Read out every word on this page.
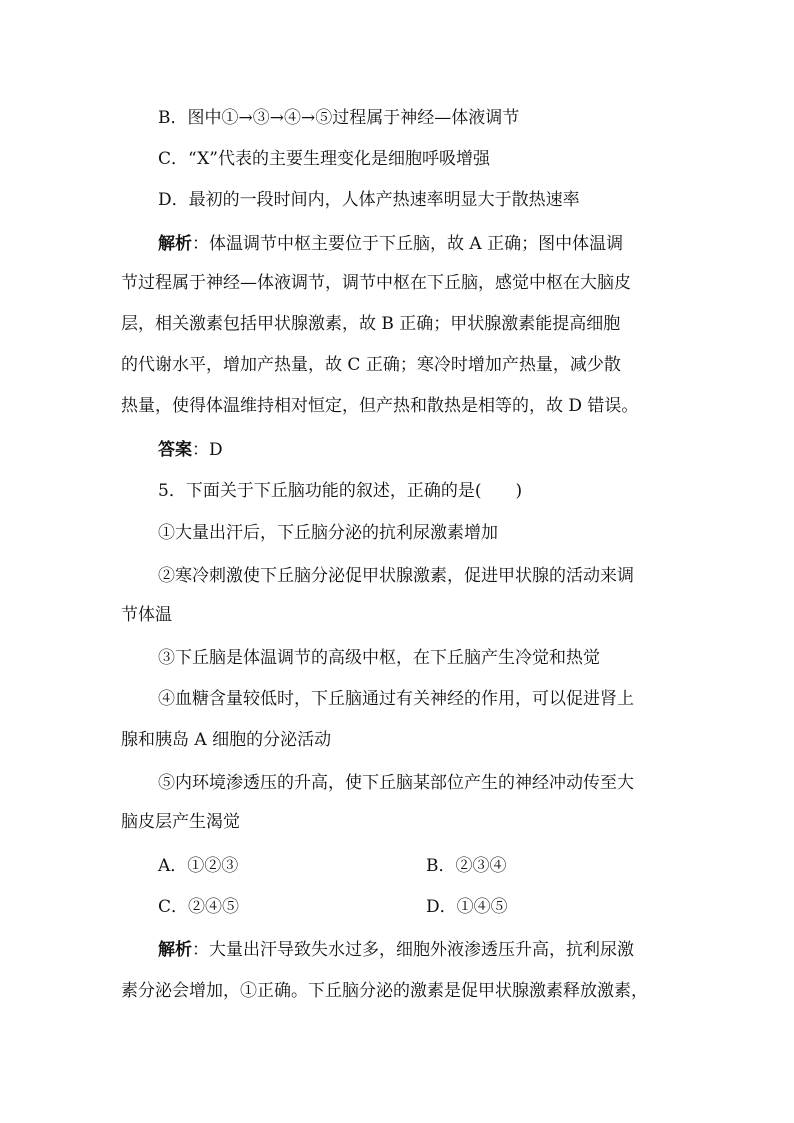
B．图中①→③→④→⑤过程属于神经—体液调节
C．“X”代表的主要生理变化是细胞呼吸增强
D．最初的一段时间内，人体产热速率明显大于散热速率
解析：体温调节中枢主要位于下丘脑，故 A 正确；图中体温调
节过程属于神经—体液调节，调节中枢在下丘脑，感觉中枢在大脑皮
层，相关激素包括甲状腺激素，故 B 正确；甲状腺激素能提高细胞
的代谢水平，增加产热量，故 C 正确；寒冷时增加产热量，减少散
热量，使得体温维持相对恒定，但产热和散热是相等的，故 D 错误。
答案：D
5．下面关于下丘脑功能的叙述，正确的是(　　)
①大量出汗后，下丘脑分泌的抗利尿激素增加
②寒冷刺激使下丘脑分泌促甲状腺激素，促进甲状腺的活动来调
节体温
③下丘脑是体温调节的高级中枢，在下丘脑产生冷觉和热觉
④血糖含量较低时，下丘脑通过有关神经的作用，可以促进肾上
腺和胰岛 A 细胞的分泌活动
⑤内环境渗透压的升高，使下丘脑某部位产生的神经冲动传至大
脑皮层产生渴觉
A．①②③	B．②③④
C．②④⑤	D．①④⑤
解析：大量出汗导致失水过多，细胞外液渗透压升高，抗利尿激
素分泌会增加，①正确。下丘脑分泌的激素是促甲状腺激素释放激素，
